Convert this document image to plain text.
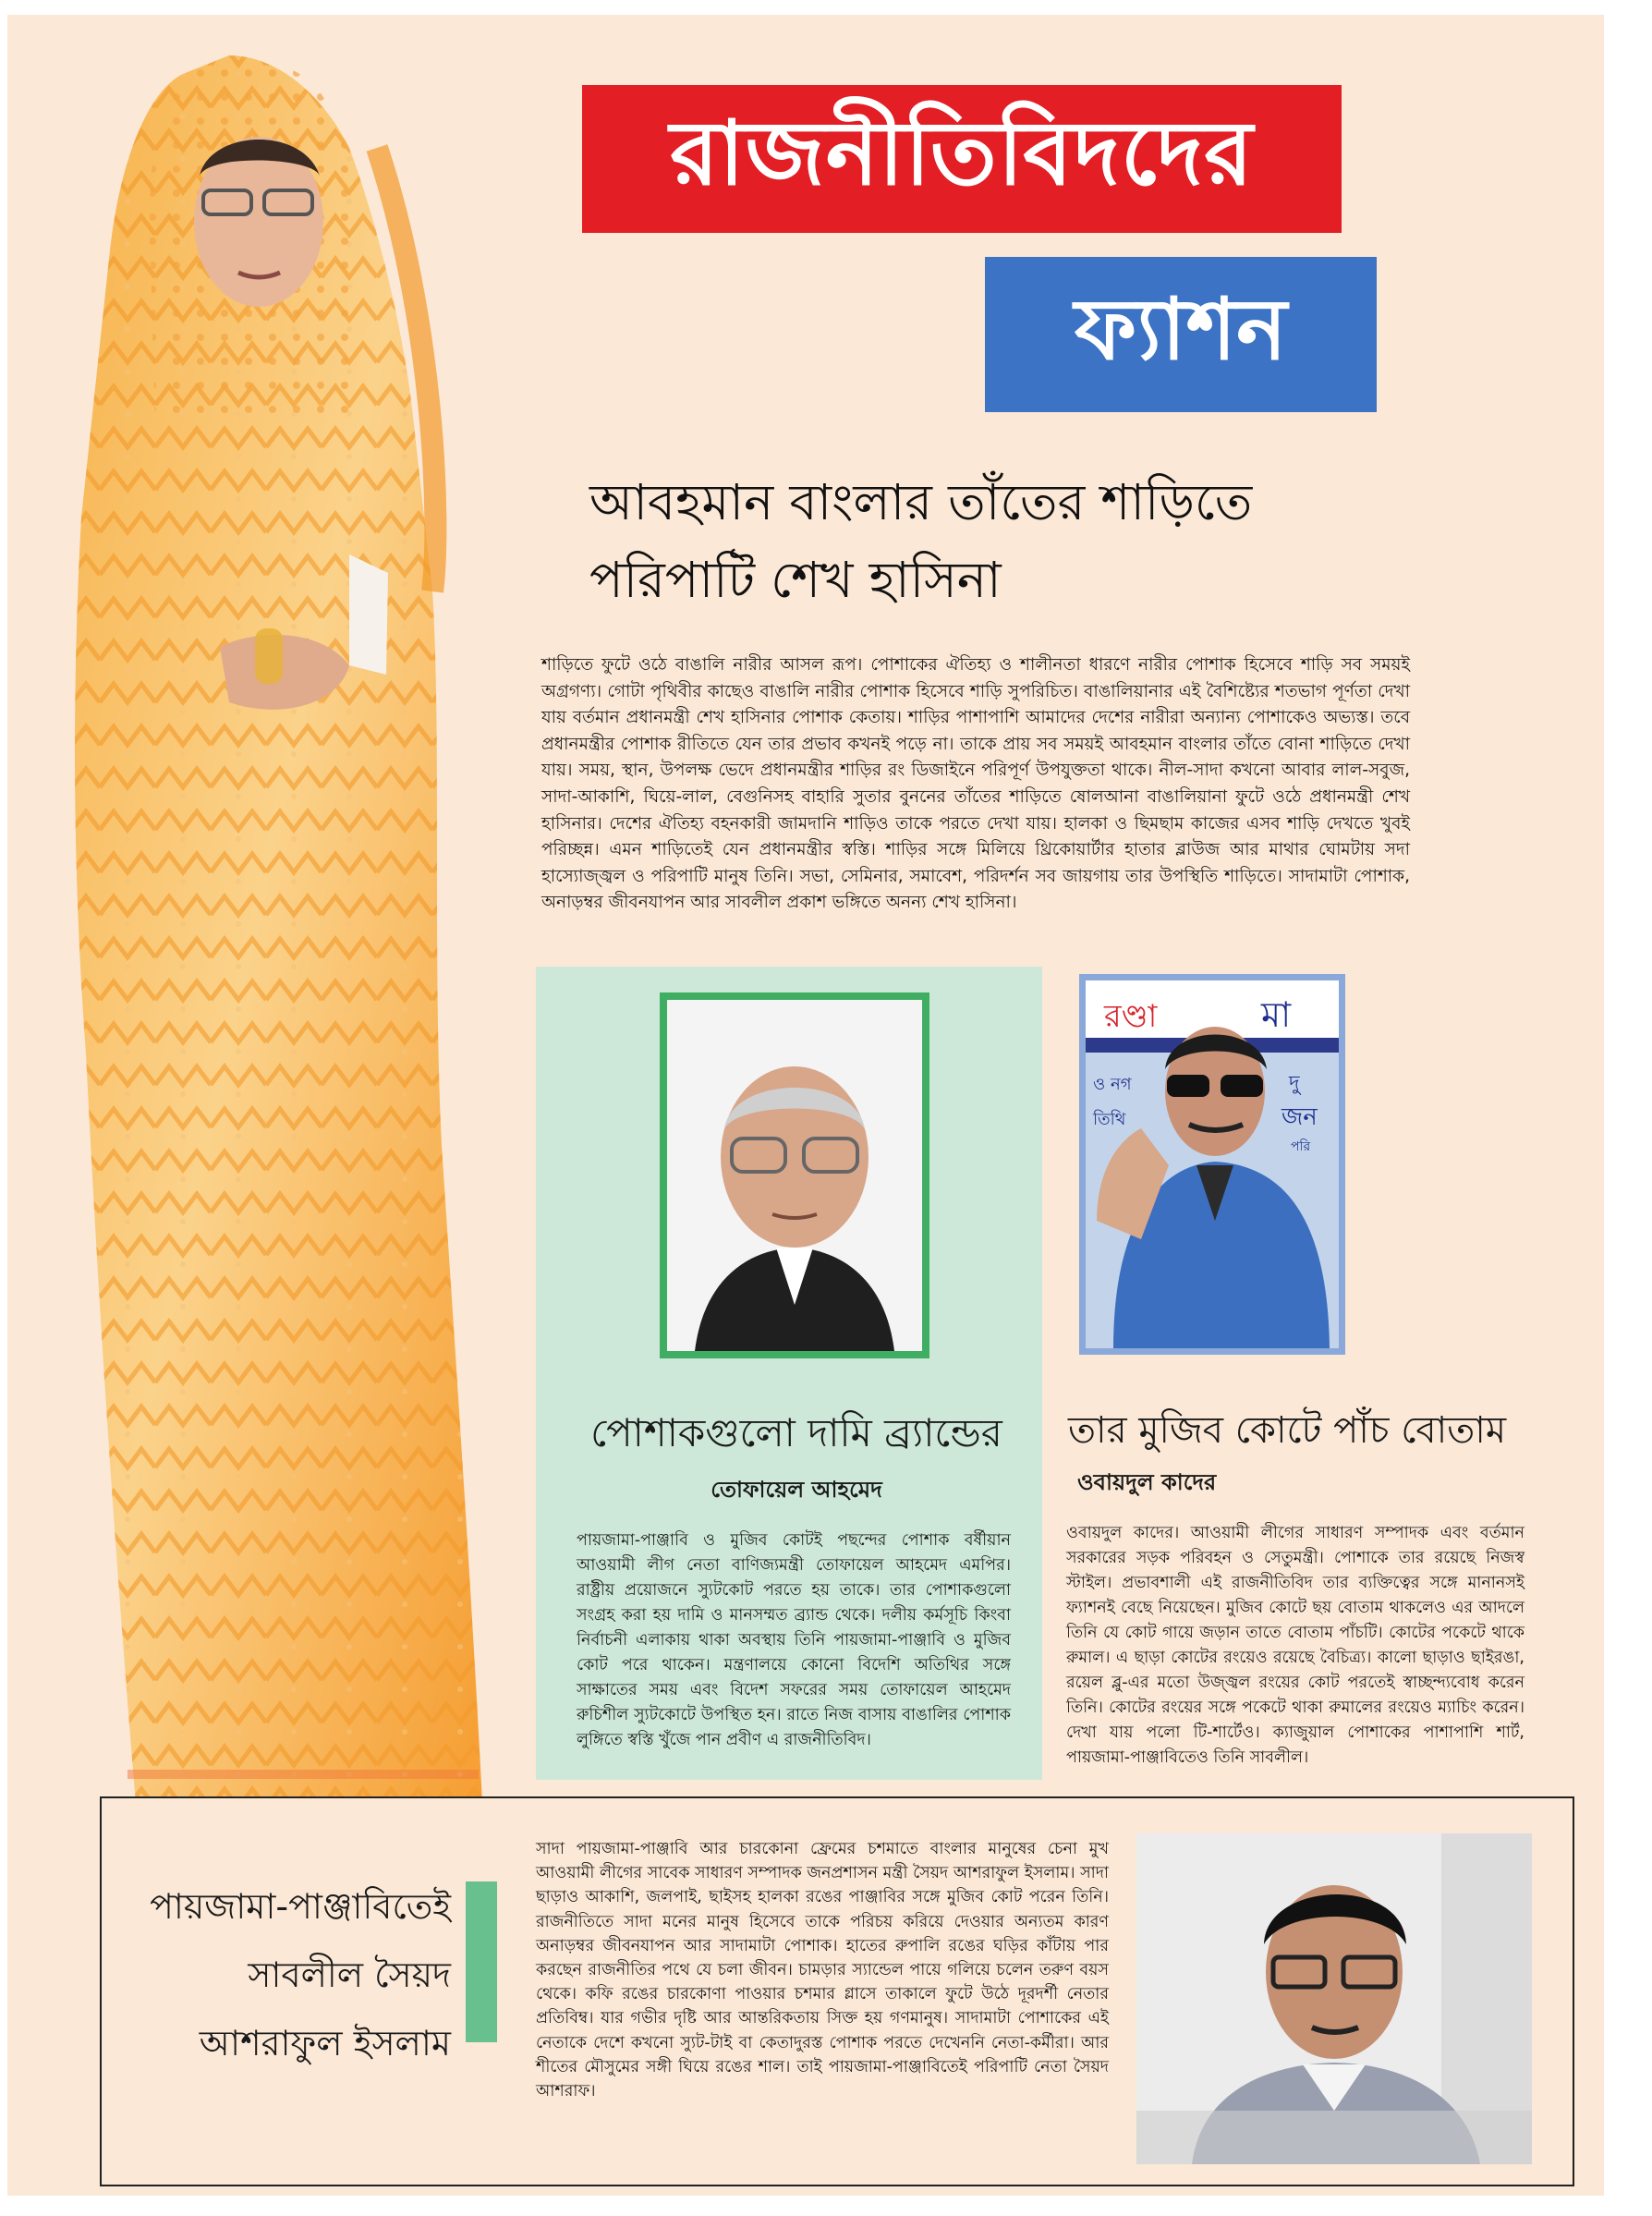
রাজনীতিবিদদের
ফ্যাশন
আবহমান বাংলার তাঁতের শাড়িতে
পরিপাটি শেখ হাসিনা
শাড়িতে ফুটে ওঠে বাঙালি নারীর আসল রূপ। পোশাকের ঐতিহ্য ও শালীনতা ধারণে নারীর পোশাক হিসেবে শাড়ি সব সময়ই অগ্রগণ্য। গোটা পৃথিবীর কাছেও বাঙালি নারীর পোশাক হিসেবে শাড়ি সুপরিচিত। বাঙালিয়ানার এই বৈশিষ্ট্যের শতভাগ পূর্ণতা দেখা যায় বর্তমান প্রধানমন্ত্রী শেখ হাসিনার পোশাক কেতায়। শাড়ির পাশাপাশি আমাদের দেশের নারীরা অন্যান্য পোশাকেও অভ্যস্ত। তবে প্রধানমন্ত্রীর পোশাক রীতিতে যেন তার প্রভাব কখনই পড়ে না। তাকে প্রায় সব সময়ই আবহমান বাংলার তাঁতে বোনা শাড়িতে দেখা যায়। সময়, স্থান, উপলক্ষ ভেদে প্রধানমন্ত্রীর শাড়ির রং ডিজাইনে পরিপূর্ণ উপযুক্ততা থাকে। নীল-সাদা কখনো আবার লাল-সবুজ, সাদা-আকাশি, ঘিয়ে-লাল, বেগুনিসহ বাহারি সুতার বুননের তাঁতের শাড়িতে ষোলআনা বাঙালিয়ানা ফুটে ওঠে প্রধানমন্ত্রী শেখ হাসিনার। দেশের ঐতিহ্য বহনকারী জামদানি শাড়িও তাকে পরতে দেখা যায়। হালকা ও ছিমছাম কাজের এসব শাড়ি দেখতে খুবই পরিচ্ছন্ন। এমন শাড়িতেই যেন প্রধানমন্ত্রীর স্বস্তি। শাড়ির সঙ্গে মিলিয়ে থ্রিকোয়ার্টার হাতার ব্লাউজ আর মাথার ঘোমটায় সদা হাস্যোজ্জ্বল ও পরিপাটি মানুষ তিনি। সভা, সেমিনার, সমাবেশ, পরিদর্শন সব জায়গায় তার উপস্থিতি শাড়িতে। সাদামাটা পোশাক, অনাড়ম্বর জীবনযাপন আর সাবলীল প্রকাশ ভঙ্গিতে অনন্য শেখ হাসিনা।
পোশাকগুলো দামি ব্র্যান্ডের
তোফায়েল আহমেদ
পায়জামা-পাঞ্জাবি ও মুজিব কোটই পছন্দের পোশাক বর্ষীয়ান আওয়ামী লীগ নেতা বাণিজ্যমন্ত্রী তোফায়েল আহমেদ এমপির। রাষ্ট্রীয় প্রয়োজনে স্যুটকোট পরতে হয় তাকে। তার পোশাকগুলো সংগ্রহ করা হয় দামি ও মানসম্মত ব্র্যান্ড থেকে। দলীয় কর্মসূচি কিংবা নির্বাচনী এলাকায় থাকা অবস্থায় তিনি পায়জামা-পাঞ্জাবি ও মুজিব কোট পরে থাকেন। মন্ত্রণালয়ে কোনো বিদেশি অতিথির সঙ্গে সাক্ষাতের সময় এবং বিদেশ সফরের সময় তোফায়েল আহমেদ রুচিশীল স্যুটকোটে উপস্থিত হন। রাতে নিজ বাসায় বাঙালির পোশাক লুঙ্গিতে স্বস্তি খুঁজে পান প্রবীণ এ রাজনীতিবিদ।
রণ্ডা	মা
ও নগ	দু
তিথি	জন
পরি
তার মুজিব কোটে পাঁচ বোতাম
ওবায়দুল কাদের
ওবায়দুল কাদের। আওয়ামী লীগের সাধারণ সম্পাদক এবং বর্তমান সরকারের সড়ক পরিবহন ও সেতুমন্ত্রী। পোশাকে তার রয়েছে নিজস্ব স্টাইল। প্রভাবশালী এই রাজনীতিবিদ তার ব্যক্তিত্বের সঙ্গে মানানসই ফ্যাশনই বেছে নিয়েছেন। মুজিব কোটে ছয় বোতাম থাকলেও এর আদলে তিনি যে কোট গায়ে জড়ান তাতে বোতাম পাঁচটি। কোটের পকেটে থাকে রুমাল। এ ছাড়া কোটের রংয়েও রয়েছে বৈচিত্র্য। কালো ছাড়াও ছাইরঙা, রয়েল ব্লু-এর মতো উজ্জ্বল রংয়ের কোট পরতেই স্বাচ্ছন্দ্যবোধ করেন তিনি। কোটের রংয়ের সঙ্গে পকেটে থাকা রুমালের রংয়েও ম্যাচিং করেন। দেখা যায় পলো টি-শার্টেও। ক্যাজুয়াল পোশাকের পাশাপাশি শার্ট, পায়জামা-পাঞ্জাবিতেও তিনি সাবলীল।
পায়জামা-পাঞ্জাবিতেই
সাবলীল সৈয়দ
আশরাফুল ইসলাম
সাদা পায়জামা-পাঞ্জাবি আর চারকোনা ফ্রেমের চশমাতে বাংলার মানুষের চেনা মুখ আওয়ামী লীগের সাবেক সাধারণ সম্পাদক জনপ্রশাসন মন্ত্রী সৈয়দ আশরাফুল ইসলাম। সাদা ছাড়াও আকাশি, জলপাই, ছাইসহ হালকা রঙের পাঞ্জাবির সঙ্গে মুজিব কোট পরেন তিনি। রাজনীতিতে সাদা মনের মানুষ হিসেবে তাকে পরিচয় করিয়ে দেওয়ার অন্যতম কারণ অনাড়ম্বর জীবনযাপন আর সাদামাটা পোশাক। হাতের রুপালি রঙের ঘড়ির কাঁটায় পার করছেন রাজনীতির পথে যে চলা জীবন। চামড়ার স্যান্ডেল পায়ে গলিয়ে চলেন তরুণ বয়স থেকে। কফি রঙের চারকোণা পাওয়ার চশমার গ্লাসে তাকালে ফুটে উঠে দূরদর্শী নেতার প্রতিবিম্ব। যার গভীর দৃষ্টি আর আন্তরিকতায় সিক্ত হয় গণমানুষ। সাদামাটা পোশাকের এই নেতাকে দেশে কখনো স্যুট-টাই বা কেতাদুরস্ত পোশাক পরতে দেখেননি নেতা-কর্মীরা। আর শীতের মৌসুমের সঙ্গী ঘিয়ে রঙের শাল। তাই পায়জামা-পাঞ্জাবিতেই পরিপাটি নেতা সৈয়দ আশরাফ।
